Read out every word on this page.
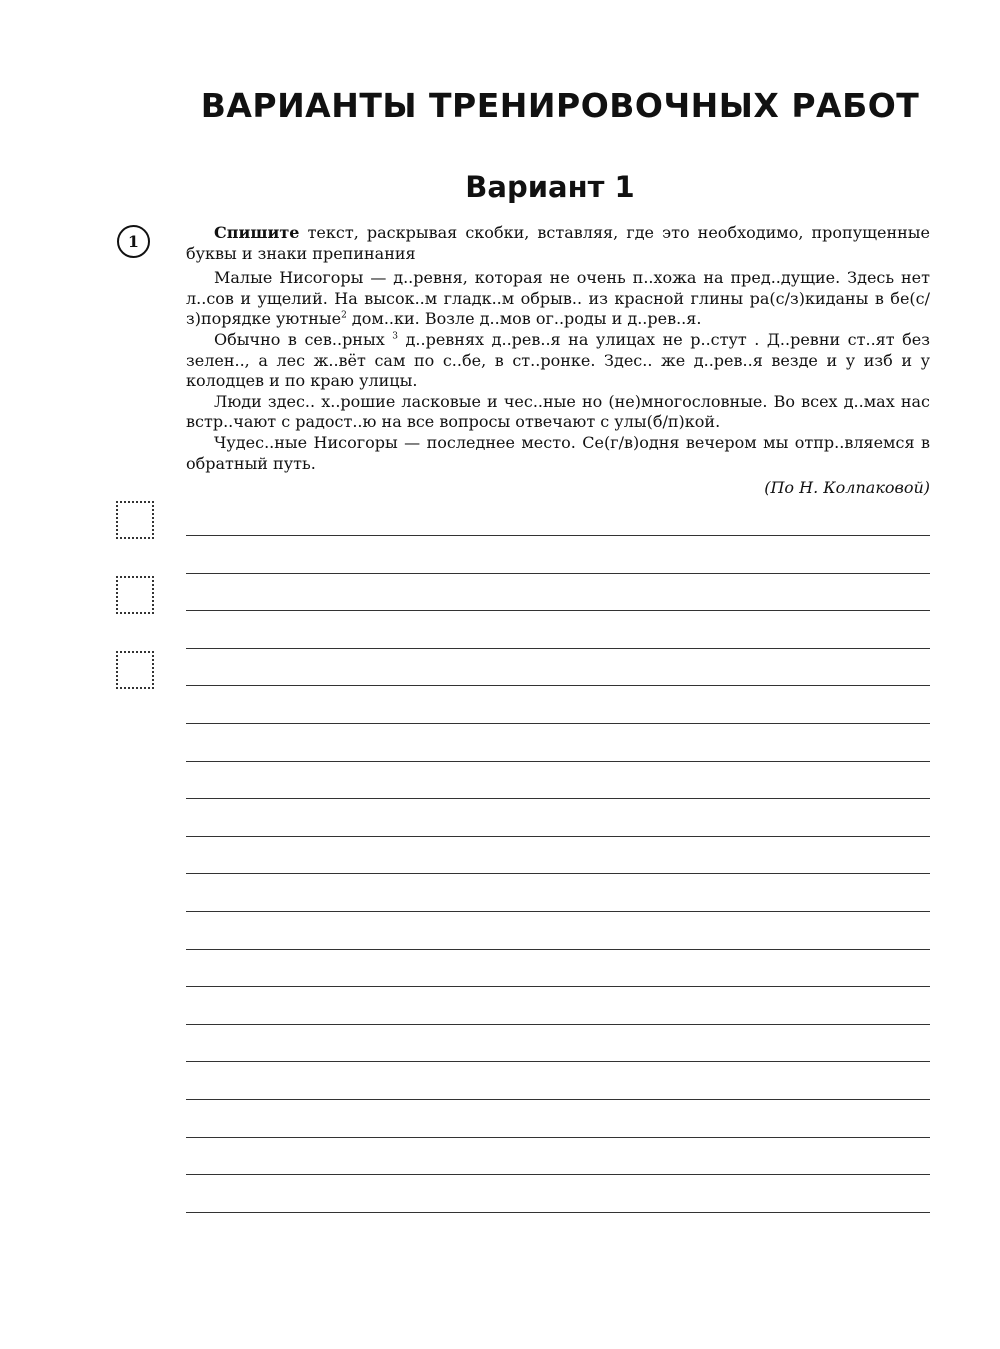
ВАРИАНТЫ ТРЕНИРОВОЧНЫХ РАБОТ
Вариант 1
1	Спишите текст, раскрывая скобки, вставляя, где это необходимо, пропущенные буквы и знаки препинания

Малые Нисогоры — д..ревня, которая не очень п..хожа на пред..дущие. Здесь нет л..сов и ущелий. На высок..м гладк..м обрыв.. из красной глины ра(с/з)киданы в бе(с/з)порядке уютные$^2$ дом..ки. Возле д..мов ог..роды и д..рев..я.

Обычно в сев..рных $^3$ д..ревнях д..рев..я на улицах не р..стут . Д..ревни ст..ят без зелен.., а лес ж..вёт сам по с..бе, в ст..ронке. Здес.. же д..рев..я везде и у изб и у колодцев и по краю улицы.

Люди здес.. х..рошие ласковые и чес..ные но (не)многословные. Во всех д..мах нас встр..чают с радост..ю на все вопросы отвечают с улы(б/п)кой.

Чудес..ные Нисогоры — последнее место. Се(г/в)одня вечером мы отпр..вляемся в обратный путь.

(По Н. Колпаковой)
